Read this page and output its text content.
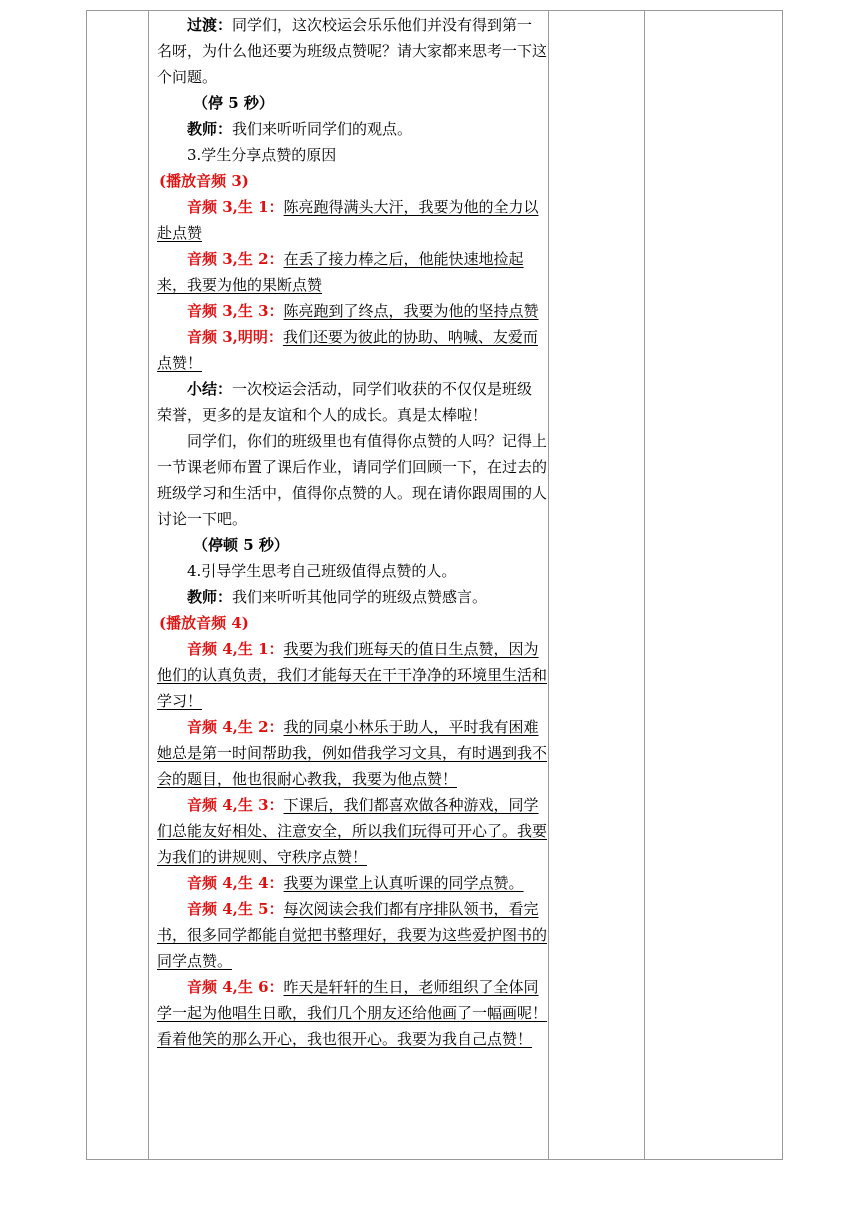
过渡：同学们，这次校运会乐乐他们并没有得到第一名呀，为什么他还要为班级点赞呢？请大家都来思考一下这个问题。

（停 5 秒）

教师：我们来听听同学们的观点。

3.学生分享点赞的原因

(播放音频 3)

音频 3,生 1：陈亮跑得满头大汗，我要为他的全力以赴点赞

音频 3,生 2：在丢了接力棒之后，他能快速地捡起来，我要为他的果断点赞

音频 3,生 3：陈亮跑到了终点，我要为他的坚持点赞

音频 3,明明：我们还要为彼此的协助、呐喊、友爱而点赞！

小结：一次校运会活动，同学们收获的不仅仅是班级荣誉，更多的是友谊和个人的成长。真是太棒啦！

同学们，你们的班级里也有值得你点赞的人吗？记得上一节课老师布置了课后作业，请同学们回顾一下，在过去的班级学习和生活中，值得你点赞的人。现在请你跟周围的人讨论一下吧。

（停顿 5 秒）

4.引导学生思考自己班级值得点赞的人。

教师：我们来听听其他同学的班级点赞感言。

(播放音频 4)

音频 4,生 1：我要为我们班每天的值日生点赞，因为他们的认真负责，我们才能每天在干干净净的环境里生活和学习！

音频 4,生 2：我的同桌小林乐于助人，平时我有困难她总是第一时间帮助我，例如借我学习文具，有时遇到我不会的题目，他也很耐心教我，我要为他点赞！

音频 4,生 3：下课后，我们都喜欢做各种游戏，同学们总能友好相处、注意安全，所以我们玩得可开心了。我要为我们的讲规则、守秩序点赞！

音频 4,生 4：我要为课堂上认真听课的同学点赞。

音频 4,生 5：每次阅读会我们都有序排队领书，看完书，很多同学都能自觉把书整理好，我要为这些爱护图书的同学点赞。

音频 4,生 6：昨天是轩轩的生日，老师组织了全体同学一起为他唱生日歌，我们几个朋友还给他画了一幅画呢！看着他笑的那么开心，我也很开心。我要为我自己点赞！
